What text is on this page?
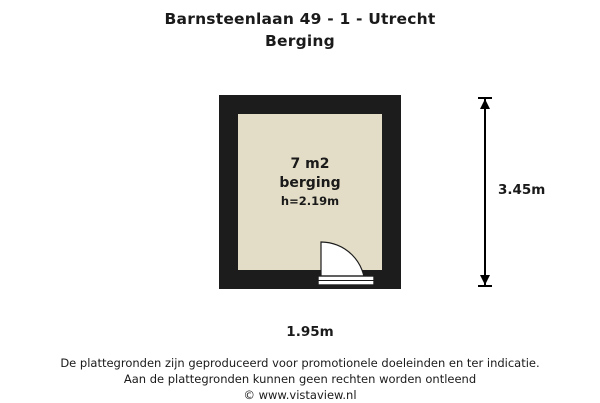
Barnsteenlaan 49 - 1 - Utrecht
Berging
7 m2
berging
h=2.19m
3.45m
1.95m
De plattegronden zijn geproduceerd voor promotionele doeleinden en ter indicatie.
Aan de plattegronden kunnen geen rechten worden ontleend
© www.vistaview.nl
